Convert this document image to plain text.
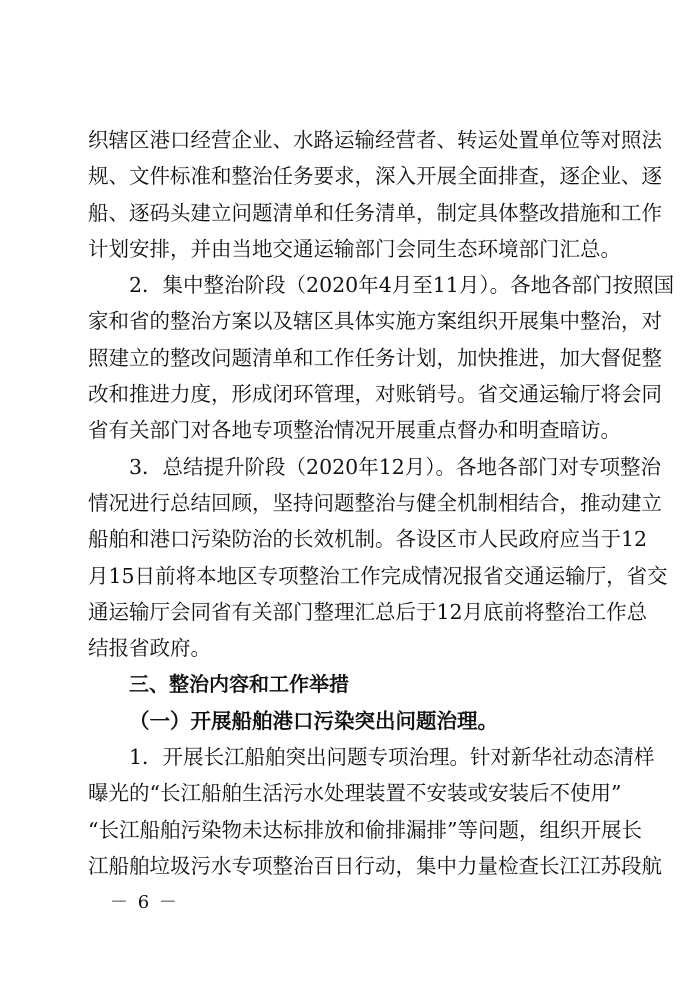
织辖区港口经营企业、水路运输经营者、转运处置单位等对照法
规、文件标准和整治任务要求，深入开展全面排查，逐企业、逐
船、逐码头建立问题清单和任务清单，制定具体整改措施和工作
计划安排，并由当地交通运输部门会同生态环境部门汇总。
2．集中整治阶段（2020年4月至11月）。各地各部门按照国
家和省的整治方案以及辖区具体实施方案组织开展集中整治，对
照建立的整改问题清单和工作任务计划，加快推进，加大督促整
改和推进力度，形成闭环管理，对账销号。省交通运输厅将会同
省有关部门对各地专项整治情况开展重点督办和明查暗访。
3．总结提升阶段（2020年12月）。各地各部门对专项整治
情况进行总结回顾，坚持问题整治与健全机制相结合，推动建立
船舶和港口污染防治的长效机制。各设区市人民政府应当于12
月15日前将本地区专项整治工作完成情况报省交通运输厅，省交
通运输厅会同省有关部门整理汇总后于12月底前将整治工作总
结报省政府。
三、整治内容和工作举措
（一）开展船舶港口污染突出问题治理。
1．开展长江船舶突出问题专项治理。针对新华社动态清样
曝光的“长江船舶生活污水处理装置不安装或安装后不使用”
“长江船舶污染物未达标排放和偷排漏排”等问题，组织开展长
江船舶垃圾污水专项整治百日行动，集中力量检查长江江苏段航
－ 6 －
